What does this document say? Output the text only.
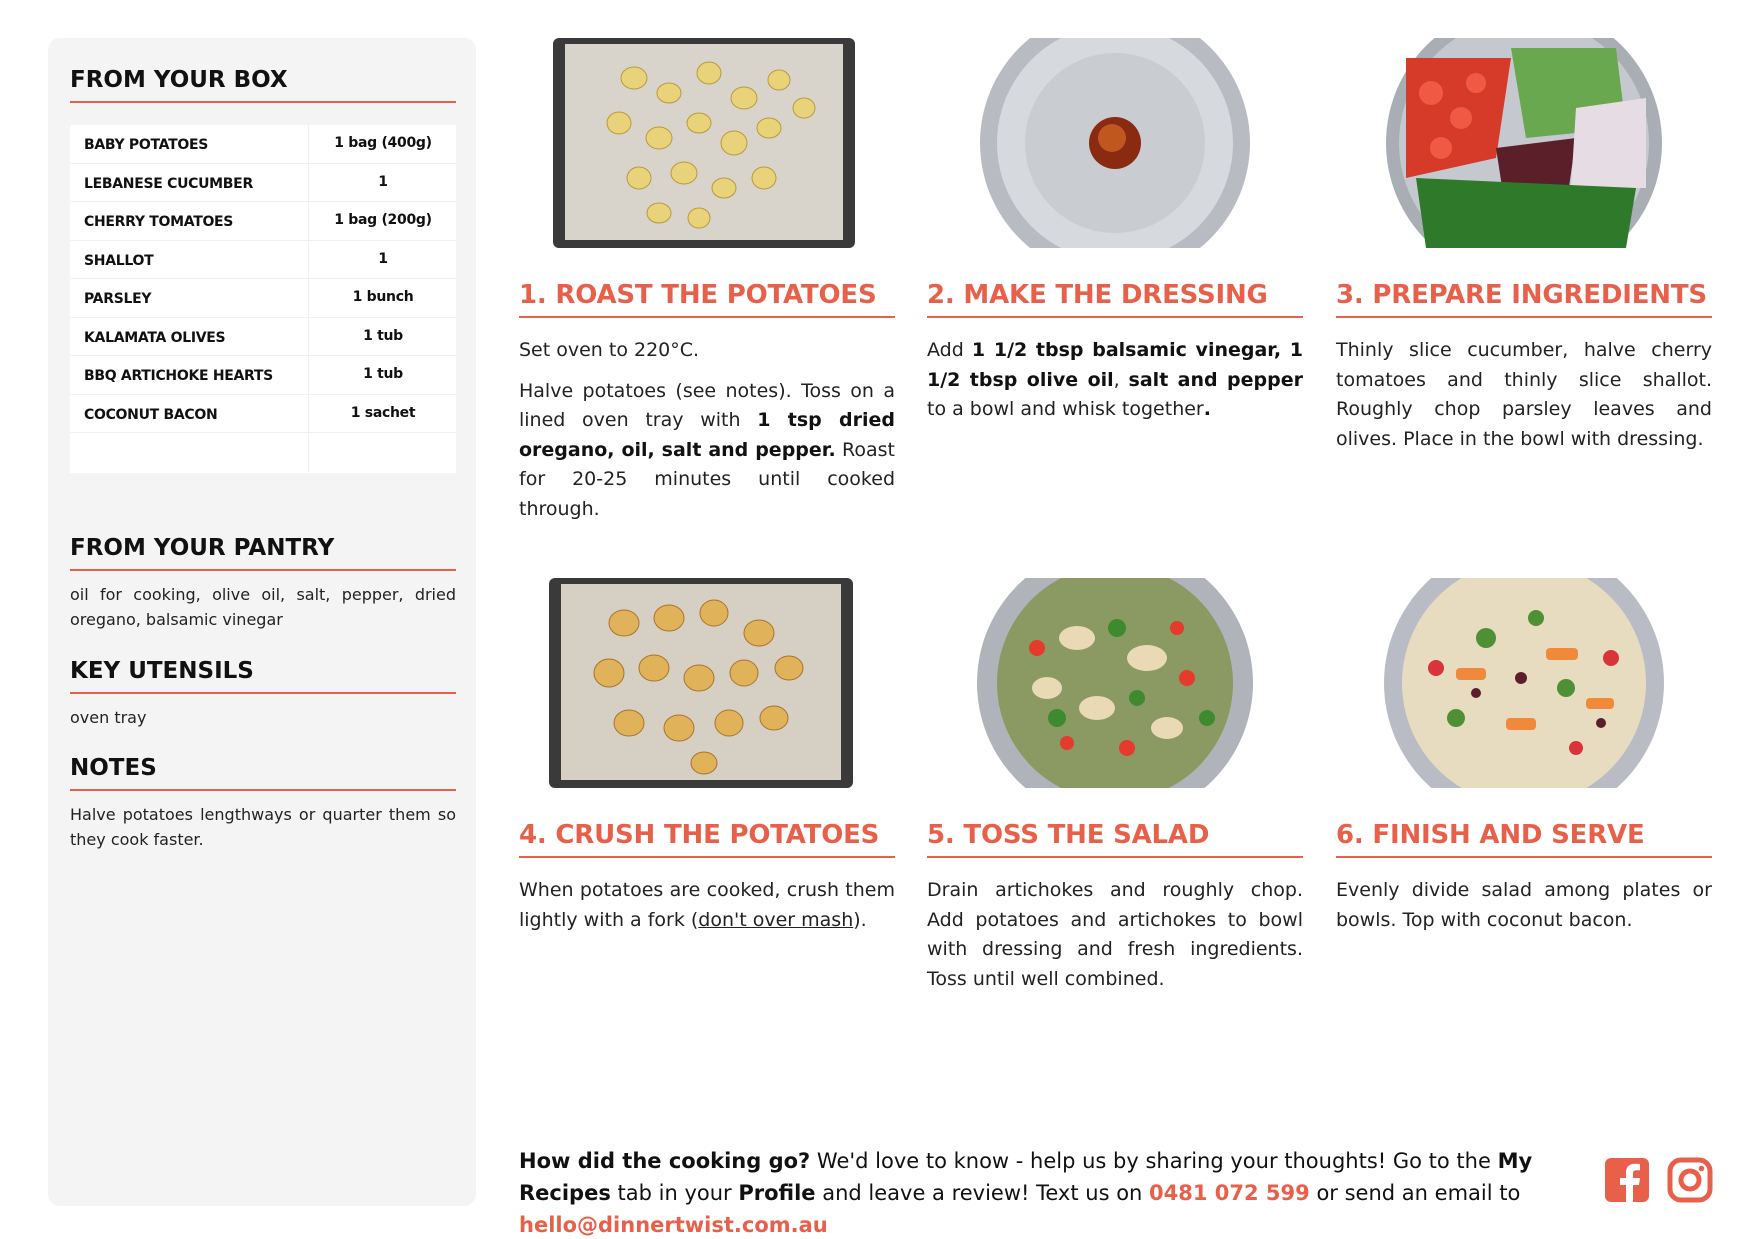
FROM YOUR BOX
BABY POTATOES	1 bag (400g)
LEBANESE CUCUMBER	1
CHERRY TOMATOES	1 bag (200g)
SHALLOT	1
PARSLEY	1 bunch
KALAMATA OLIVES	1 tub
BBQ ARTICHOKE HEARTS	1 tub
COCONUT BACON	1 sachet
FROM YOUR PANTRY
oil for cooking, olive oil, salt, pepper, dried oregano, balsamic vinegar
KEY UTENSILS
oven tray
NOTES
Halve potatoes lengthways or quarter them so they cook faster.
1. ROAST THE POTATOES

Set oven to 220°C.

Halve potatoes (see notes). Toss on a lined oven tray with 1 tsp dried oregano, oil, salt and pepper. Roast for 20-25 minutes until cooked through.

2. MAKE THE DRESSING

Add 1 1/2 tbsp balsamic vinegar, 1 1/2 tbsp olive oil, salt and pepper to a bowl and whisk together.

3. PREPARE INGREDIENTS

Thinly slice cucumber, halve cherry tomatoes and thinly slice shallot. Roughly chop parsley leaves and olives. Place in the bowl with dressing.

4. CRUSH THE POTATOES

When potatoes are cooked, crush them lightly with a fork (don't over mash).

5. TOSS THE SALAD

Drain artichokes and roughly chop. Add potatoes and artichokes to bowl with dressing and fresh ingredients. Toss until well combined.

6. FINISH AND SERVE

Evenly divide salad among plates or bowls. Top with coconut bacon.

How did the cooking go? We'd love to know - help us by sharing your thoughts! Go to the My Recipes tab in your Profile and leave a review! Text us on 0481 072 599 or send an email to hello@dinnertwist.com.au
